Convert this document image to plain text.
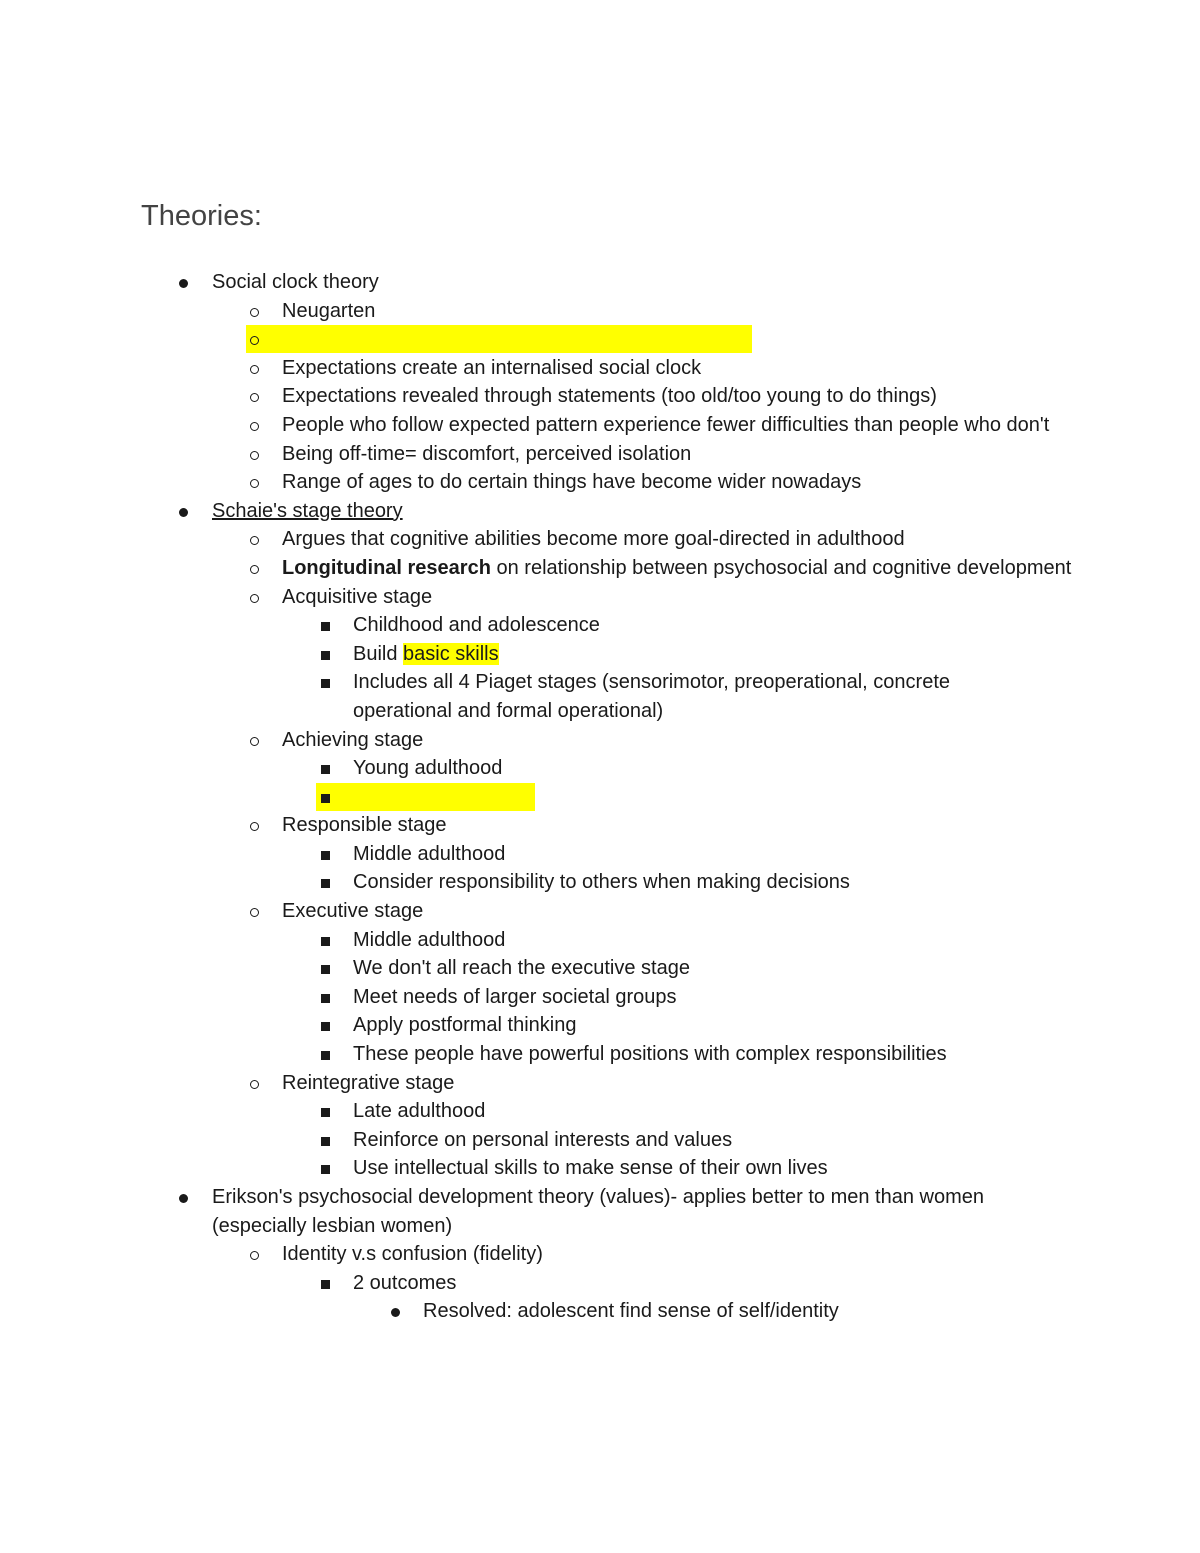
Theories:
Social clock theory
Neugarten
Expectations create an internalised social clock
Expectations revealed through statements (too old/too young to do things)
People who follow expected pattern experience fewer difficulties than people who don't
Being off-time= discomfort, perceived isolation
Range of ages to do certain things have become wider nowadays
Schaie's stage theory
Argues that cognitive abilities become more goal-directed in adulthood
Longitudinal research on relationship between psychosocial and cognitive development
Acquisitive stage
Childhood and adolescence
Build basic skills
Includes all 4 Piaget stages (sensorimotor, preoperational, concrete operational and formal operational)
Achieving stage
Young adulthood
Responsible stage
Middle adulthood
Consider responsibility to others when making decisions
Executive stage
Middle adulthood
We don't all reach the executive stage
Meet needs of larger societal groups
Apply postformal thinking
These people have powerful positions with complex responsibilities
Reintegrative stage
Late adulthood
Reinforce on personal interests and values
Use intellectual skills to make sense of their own lives
Erikson's psychosocial development theory (values)- applies better to men than women (especially lesbian women)
Identity v.s confusion (fidelity)
2 outcomes
Resolved: adolescent find sense of self/identity
